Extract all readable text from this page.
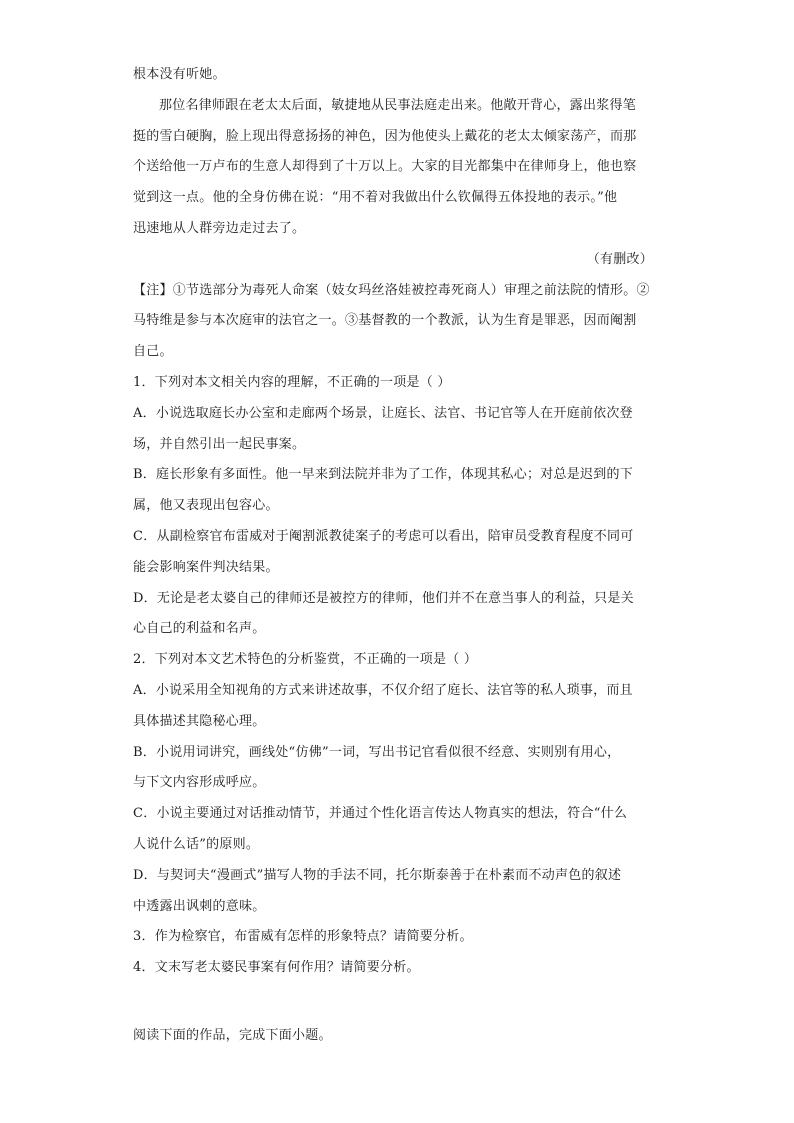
根本没有听她。
那位名律师跟在老太太后面，敏捷地从民事法庭走出来。他敞开背心，露出浆得笔
挺的雪白硬胸，脸上现出得意扬扬的神色，因为他使头上戴花的老太太倾家荡产，而那
个送给他一万卢布的生意人却得到了十万以上。大家的目光都集中在律师身上，他也察
觉到这一点。他的全身仿佛在说：“用不着对我做出什么钦佩得五体投地的表示。”他
迅速地从人群旁边走过去了。
（有删改）
【注】①节选部分为毒死人命案（妓女玛丝洛娃被控毒死商人）审理之前法院的情形。②
马特维是参与本次庭审的法官之一。③基督教的一个教派，认为生育是罪恶，因而阉割
自己。
1．下列对本文相关内容的理解，不正确的一项是（ ）
A．小说选取庭长办公室和走廊两个场景，让庭长、法官、书记官等人在开庭前依次登
场，并自然引出一起民事案。
B．庭长形象有多面性。他一早来到法院并非为了工作，体现其私心；对总是迟到的下
属，他又表现出包容心。
C．从副检察官布雷威对于阉割派教徒案子的考虑可以看出，陪审员受教育程度不同可
能会影响案件判决结果。
D．无论是老太婆自己的律师还是被控方的律师，他们并不在意当事人的利益，只是关
心自己的利益和名声。
2．下列对本文艺术特色的分析鉴赏，不正确的一项是（ ）
A．小说采用全知视角的方式来讲述故事，不仅介绍了庭长、法官等的私人琐事，而且
具体描述其隐秘心理。
B．小说用词讲究，画线处“仿佛”一词，写出书记官看似很不经意、实则别有用心，
与下文内容形成呼应。
C．小说主要通过对话推动情节，并通过个性化语言传达人物真实的想法，符合“什么
人说什么话”的原则。
D．与契诃夫“漫画式”描写人物的手法不同，托尔斯泰善于在朴素而不动声色的叙述
中透露出讽刺的意味。
3．作为检察官，布雷威有怎样的形象特点？请简要分析。
4．文末写老太婆民事案有何作用？请简要分析。
阅读下面的作品，完成下面小题。
